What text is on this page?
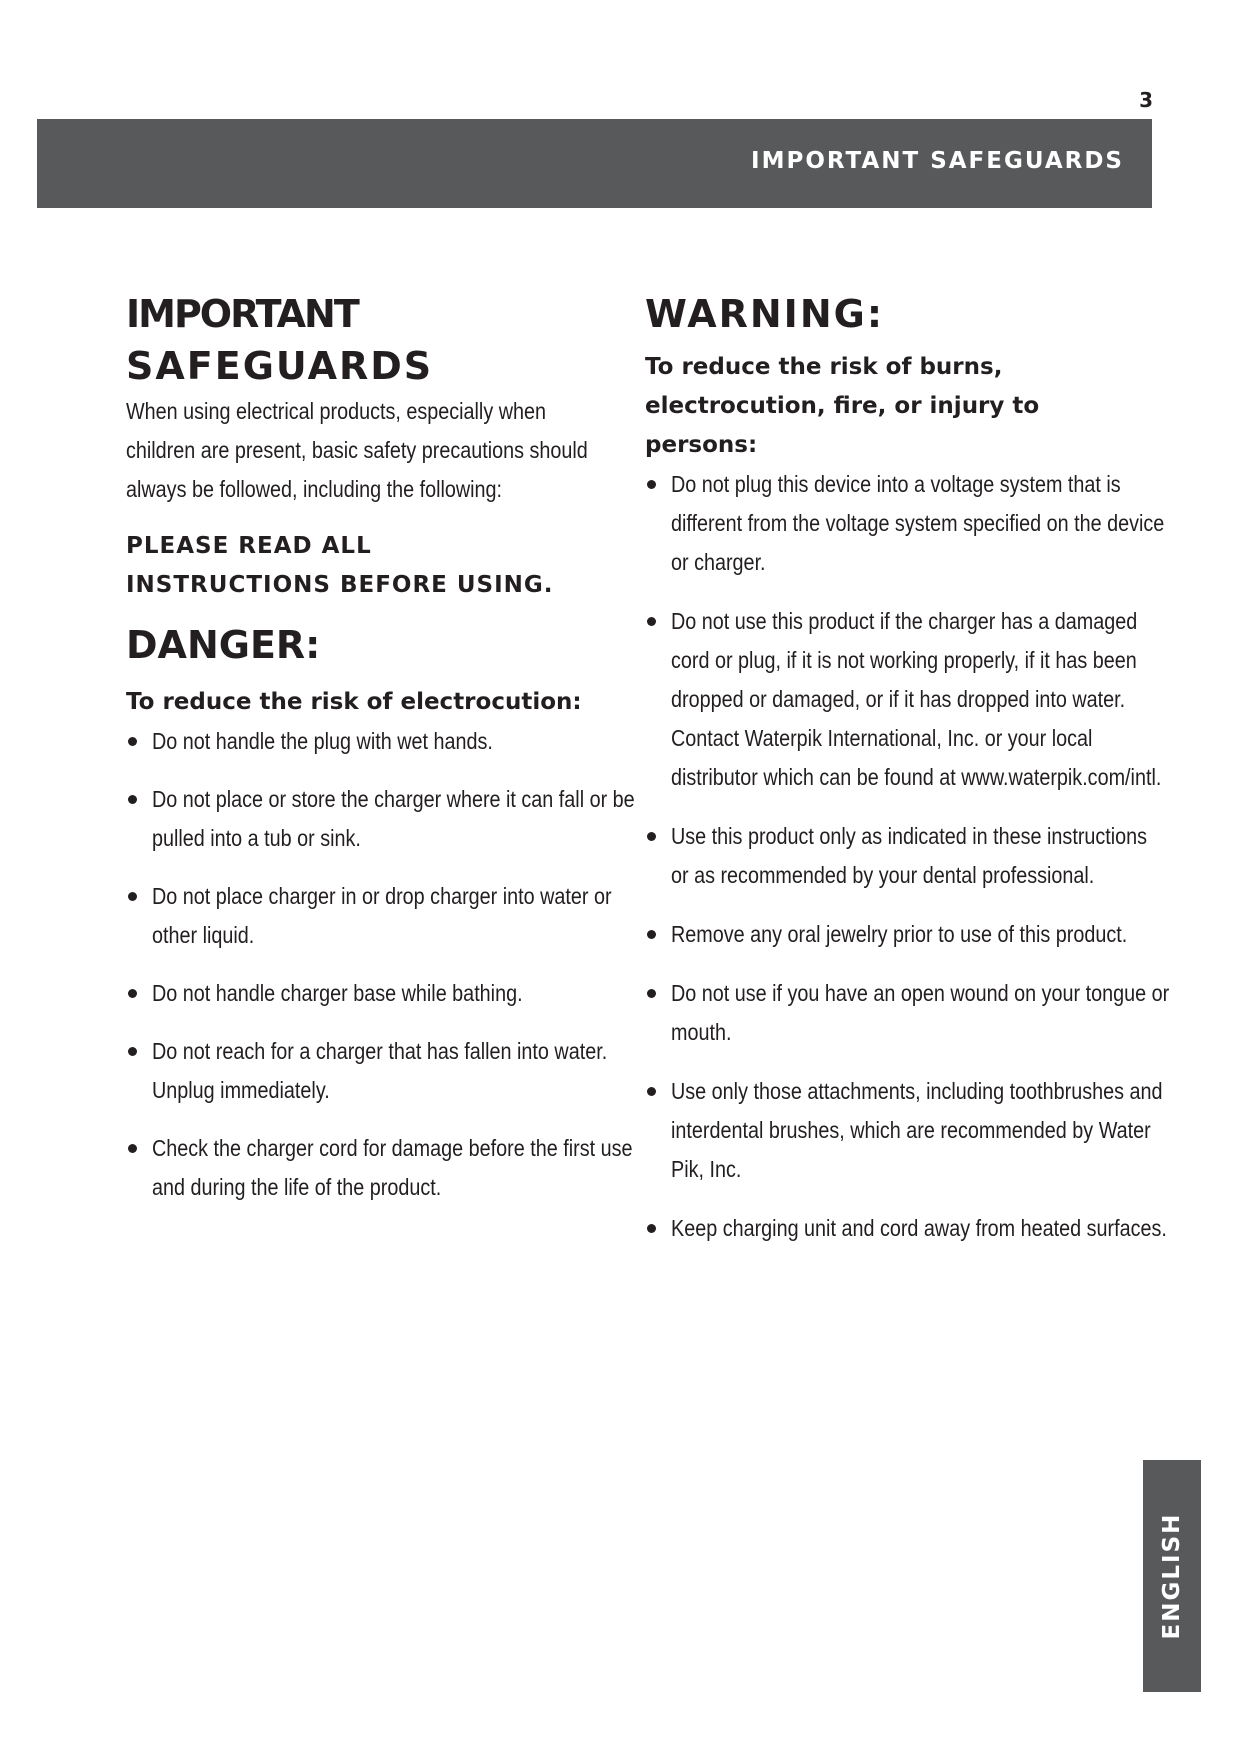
3
IMPORTANT SAFEGUARDS
IMPORTANT
SAFEGUARDS

When using electrical products, especially when children are present, basic safety precautions should always be followed, including the following:

PLEASE READ ALL
INSTRUCTIONS BEFORE USING.
DANGER:
To reduce the risk of electrocution:
Do not handle the plug with wet hands.
Do not place or store the charger where it can fall or be pulled into a tub or sink.
Do not place charger in or drop charger into water or other liquid.
Do not handle charger base while bathing.
Do not reach for a charger that has fallen into water. Unplug immediately.
Check the charger cord for damage before the first use and during the life of the product.
WARNING:
To reduce the risk of burns, electrocution, fire, or injury to persons:
Do not plug this device into a voltage system that is different from the voltage system specified on the device or charger.
Do not use this product if the charger has a damaged cord or plug, if it is not working properly, if it has been dropped or damaged, or if it has dropped into water. Contact Waterpik International, Inc. or your local distributor which can be found at www.waterpik.com/intl.
Use this product only as indicated in these instructions or as recommended by your dental professional.
Remove any oral jewelry prior to use of this product.
Do not use if you have an open wound on your tongue or mouth.
Use only those attachments, including toothbrushes and interdental brushes, which are recommended by Water Pik, Inc.
Keep charging unit and cord away from heated surfaces.
ENGLISH
